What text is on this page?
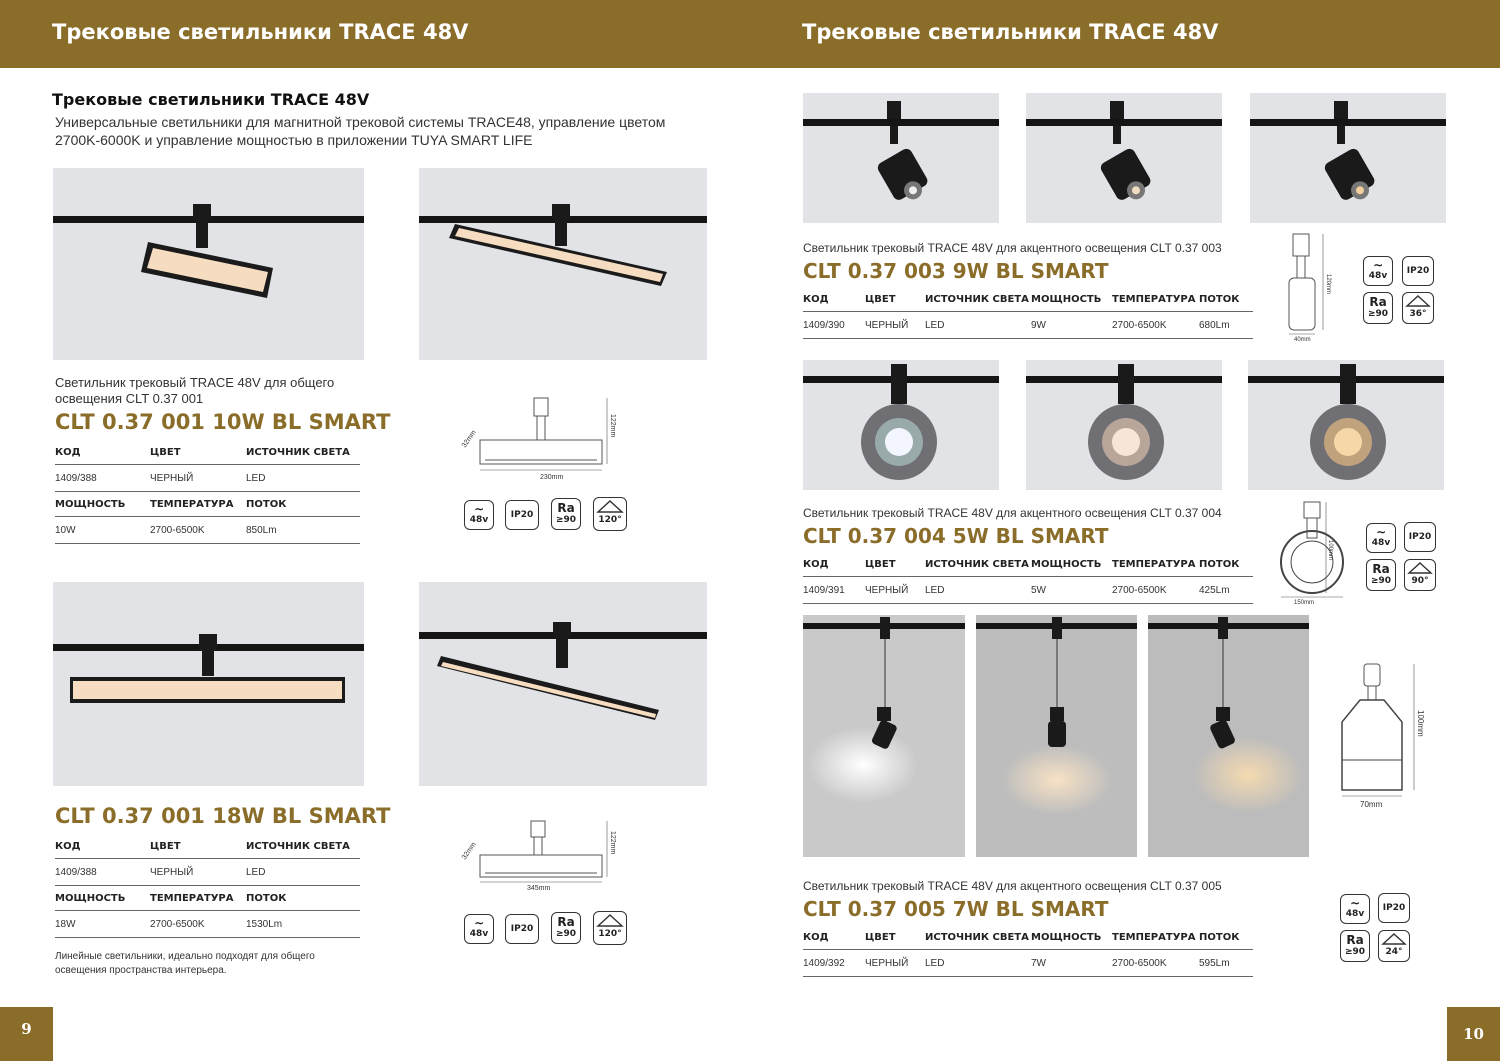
Трековые светильники TRACE 48V	Трековые светильники TRACE 48V
Трековые светильники TRACE 48V
Универсальные светильники для магнитной трековой системы TRACE48, управление цветом
2700K-6000K и управление мощностью в приложении TUYA SMART LIFE
Светильник трековый TRACE 48V для общего
освещения CLT 0.37 001
CLT 0.37 001 10W BL SMART
КОД	ЦВЕТ	ИСТОЧНИК СВЕТА
1409/388	ЧЕРНЫЙ	LED
МОЩНОСТЬ	ТЕМПЕРАТУРА	ПОТОК
10W	2700-6500K	850Lm
230mm
122mm
32mm
∼
48v	IP20	Ra
≥90	120°
CLT 0.37 001 18W BL SMART
КОД	ЦВЕТ	ИСТОЧНИК СВЕТА
1409/388	ЧЕРНЫЙ	LED
МОЩНОСТЬ	ТЕМПЕРАТУРА	ПОТОК
18W	2700-6500K	1530Lm
Линейные светильники, идеально подходят для общего
освещения пространства интерьера.
345mm
122mm
32mm
∼
48v	IP20	Ra
≥90	120°
9
Светильник трековый TRACE 48V для акцентного освещения CLT 0.37 003
CLT 0.37 003 9W BL SMART
КОД	ЦВЕТ	ИСТОЧНИК СВЕТА	МОЩНОСТЬ	ТЕМПЕРАТУРА	ПОТОК
1409/390	ЧЕРНЫЙ	LED	9W	2700-6500K	680Lm
40mm
120mm
∼
48v	IP20
Ra
≥90	36°
Светильник трековый TRACE 48V для акцентного освещения CLT 0.37 004
CLT 0.37 004 5W BL SMART
КОД	ЦВЕТ	ИСТОЧНИК СВЕТА	МОЩНОСТЬ	ТЕМПЕРАТУРА	ПОТОК
1409/391	ЧЕРНЫЙ	LED	5W	2700-6500K	425Lm
150mm
100mm
∼
48v
IP20
Ra
≥90	90°
70mm
100mm
Светильник трековый TRACE 48V для акцентного освещения CLT 0.37 005
CLT 0.37 005 7W BL SMART
КОД	ЦВЕТ	ИСТОЧНИК СВЕТА	МОЩНОСТЬ	ТЕМПЕРАТУРА	ПОТОК
1409/392	ЧЕРНЫЙ	LED	7W	2700-6500K	595Lm
∼
48v
IP20
Ra
≥90	24°
10
